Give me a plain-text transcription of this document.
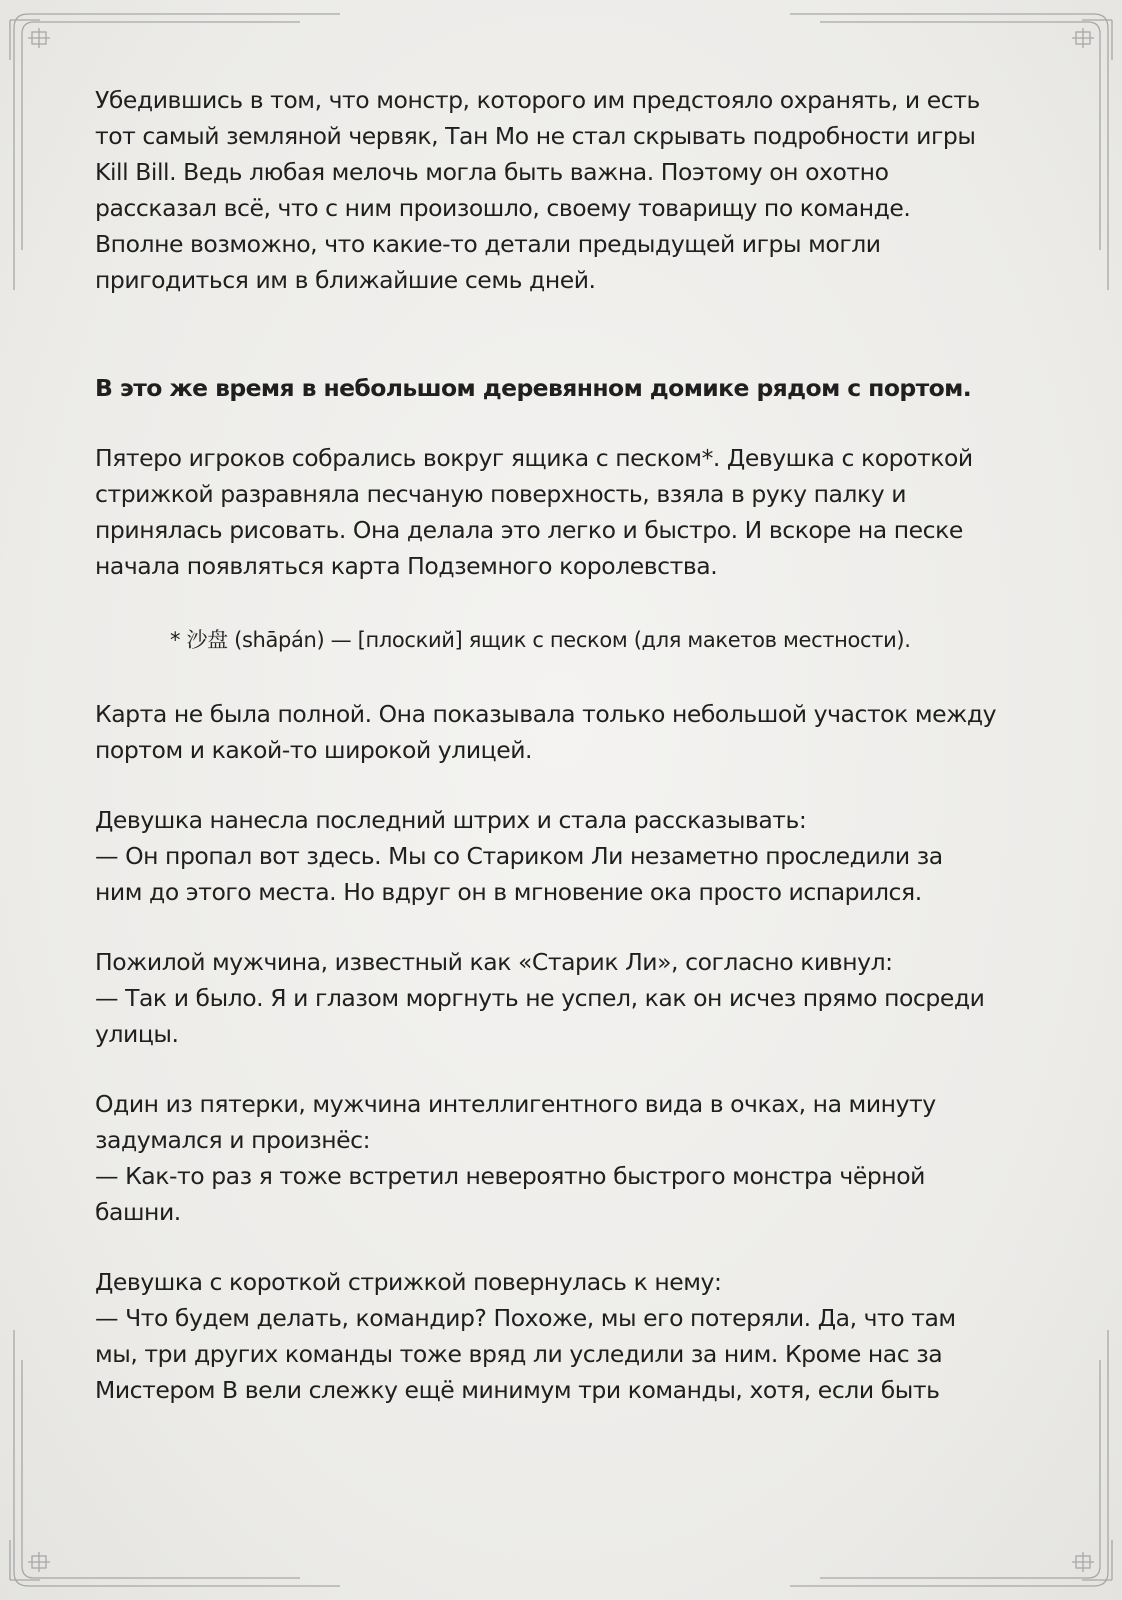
Убедившись в том, что монстр, которого им предстояло охранять, и есть
тот самый земляной червяк, Тан Мо не стал скрывать подробности игры
Kill Bill. Ведь любая мелочь могла быть важна. Поэтому он охотно
рассказал всё, что с ним произошло, своему товарищу по команде.
Вполне возможно, что какие-то детали предыдущей игры могли
пригодиться им в ближайшие семь дней.

В это же время в небольшом деревянном домике рядом с портом.

Пятеро игроков собрались вокруг ящика с песком*. Девушка с короткой
стрижкой разравняла песчаную поверхность, взяла в руку палку и
принялась рисовать. Она делала это легко и быстро. И вскоре на песке
начала появляться карта Подземного королевства.

* 沙盘 (shāpán) — [плоский] ящик с песком (для макетов местности).

Карта не была полной. Она показывала только небольшой участок между
портом и какой-то широкой улицей.

Девушка нанесла последний штрих и стала рассказывать:
— Он пропал вот здесь. Мы со Стариком Ли незаметно проследили за
ним до этого места. Но вдруг он в мгновение ока просто испарился.

Пожилой мужчина, известный как «Старик Ли», согласно кивнул:
— Так и было. Я и глазом моргнуть не успел, как он исчез прямо посреди
улицы.

Один из пятерки, мужчина интеллигентного вида в очках, на минуту
задумался и произнёс:
— Как-то раз я тоже встретил невероятно быстрого монстра чёрной
башни.

Девушка с короткой стрижкой повернулась к нему:
— Что будем делать, командир? Похоже, мы его потеряли. Да, что там
мы, три других команды тоже вряд ли уследили за ним. Кроме нас за
Мистером B вели слежку ещё минимум три команды, хотя, если быть
